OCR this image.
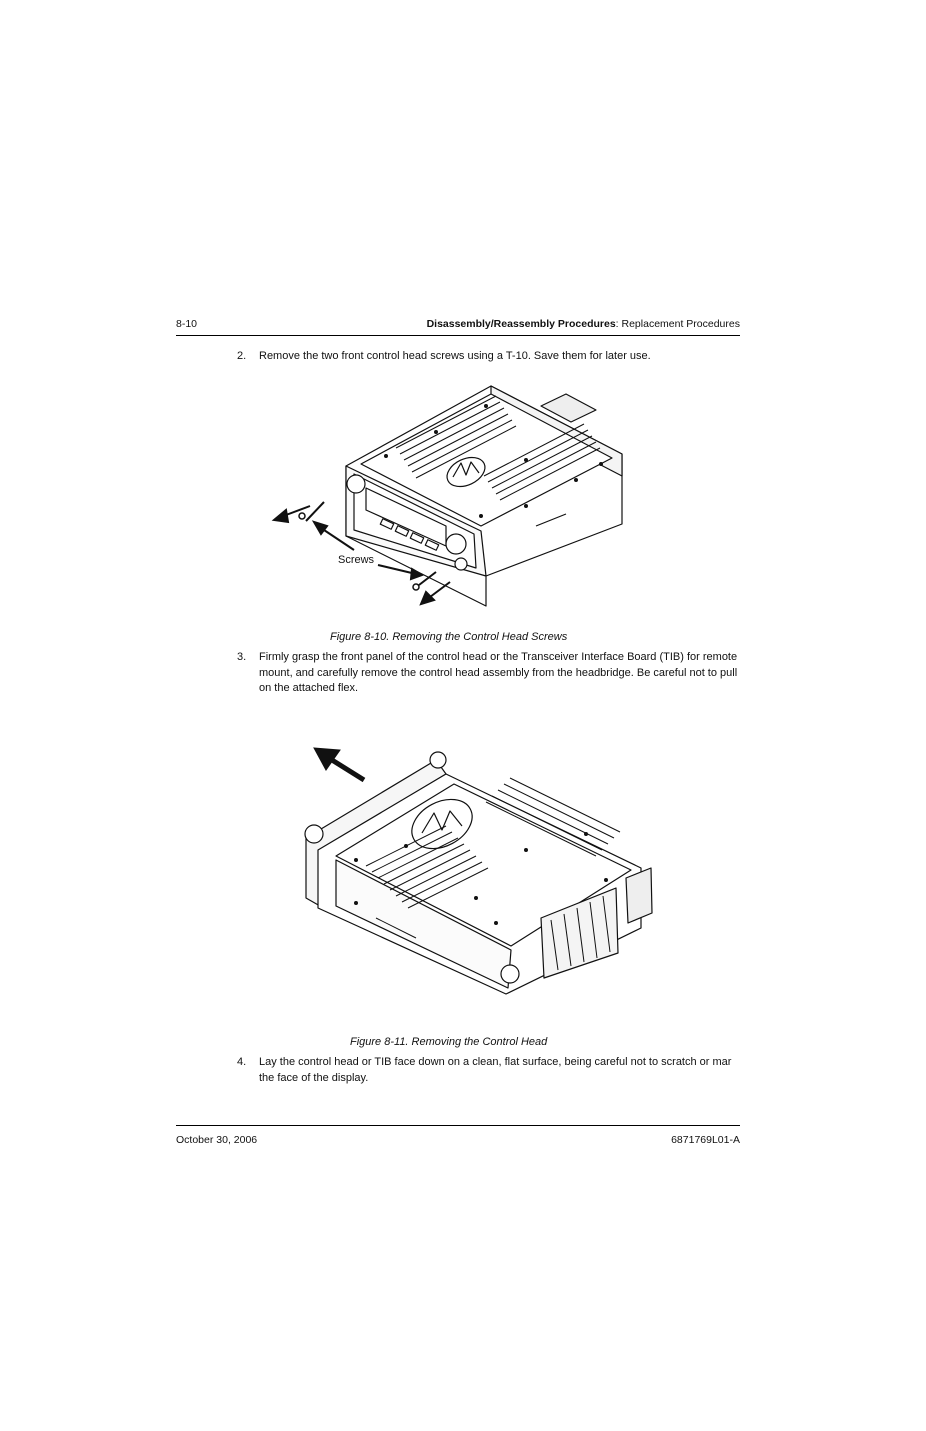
8-10	Disassembly/Reassembly Procedures: Replacement Procedures
2. Remove the two front control head screws using a T-10. Save them for later use.
Screws
Figure 8-10. Removing the Control Head Screws
3. Firmly grasp the front panel of the control head or the Transceiver Interface Board (TIB) for remote mount, and carefully remove the control head assembly from the headbridge. Be careful not to pull on the attached flex.
Figure 8-11. Removing the Control Head
4. Lay the control head or TIB face down on a clean, flat surface, being careful not to scratch or mar the face of the display.
October 30, 2006	6871769L01-A
